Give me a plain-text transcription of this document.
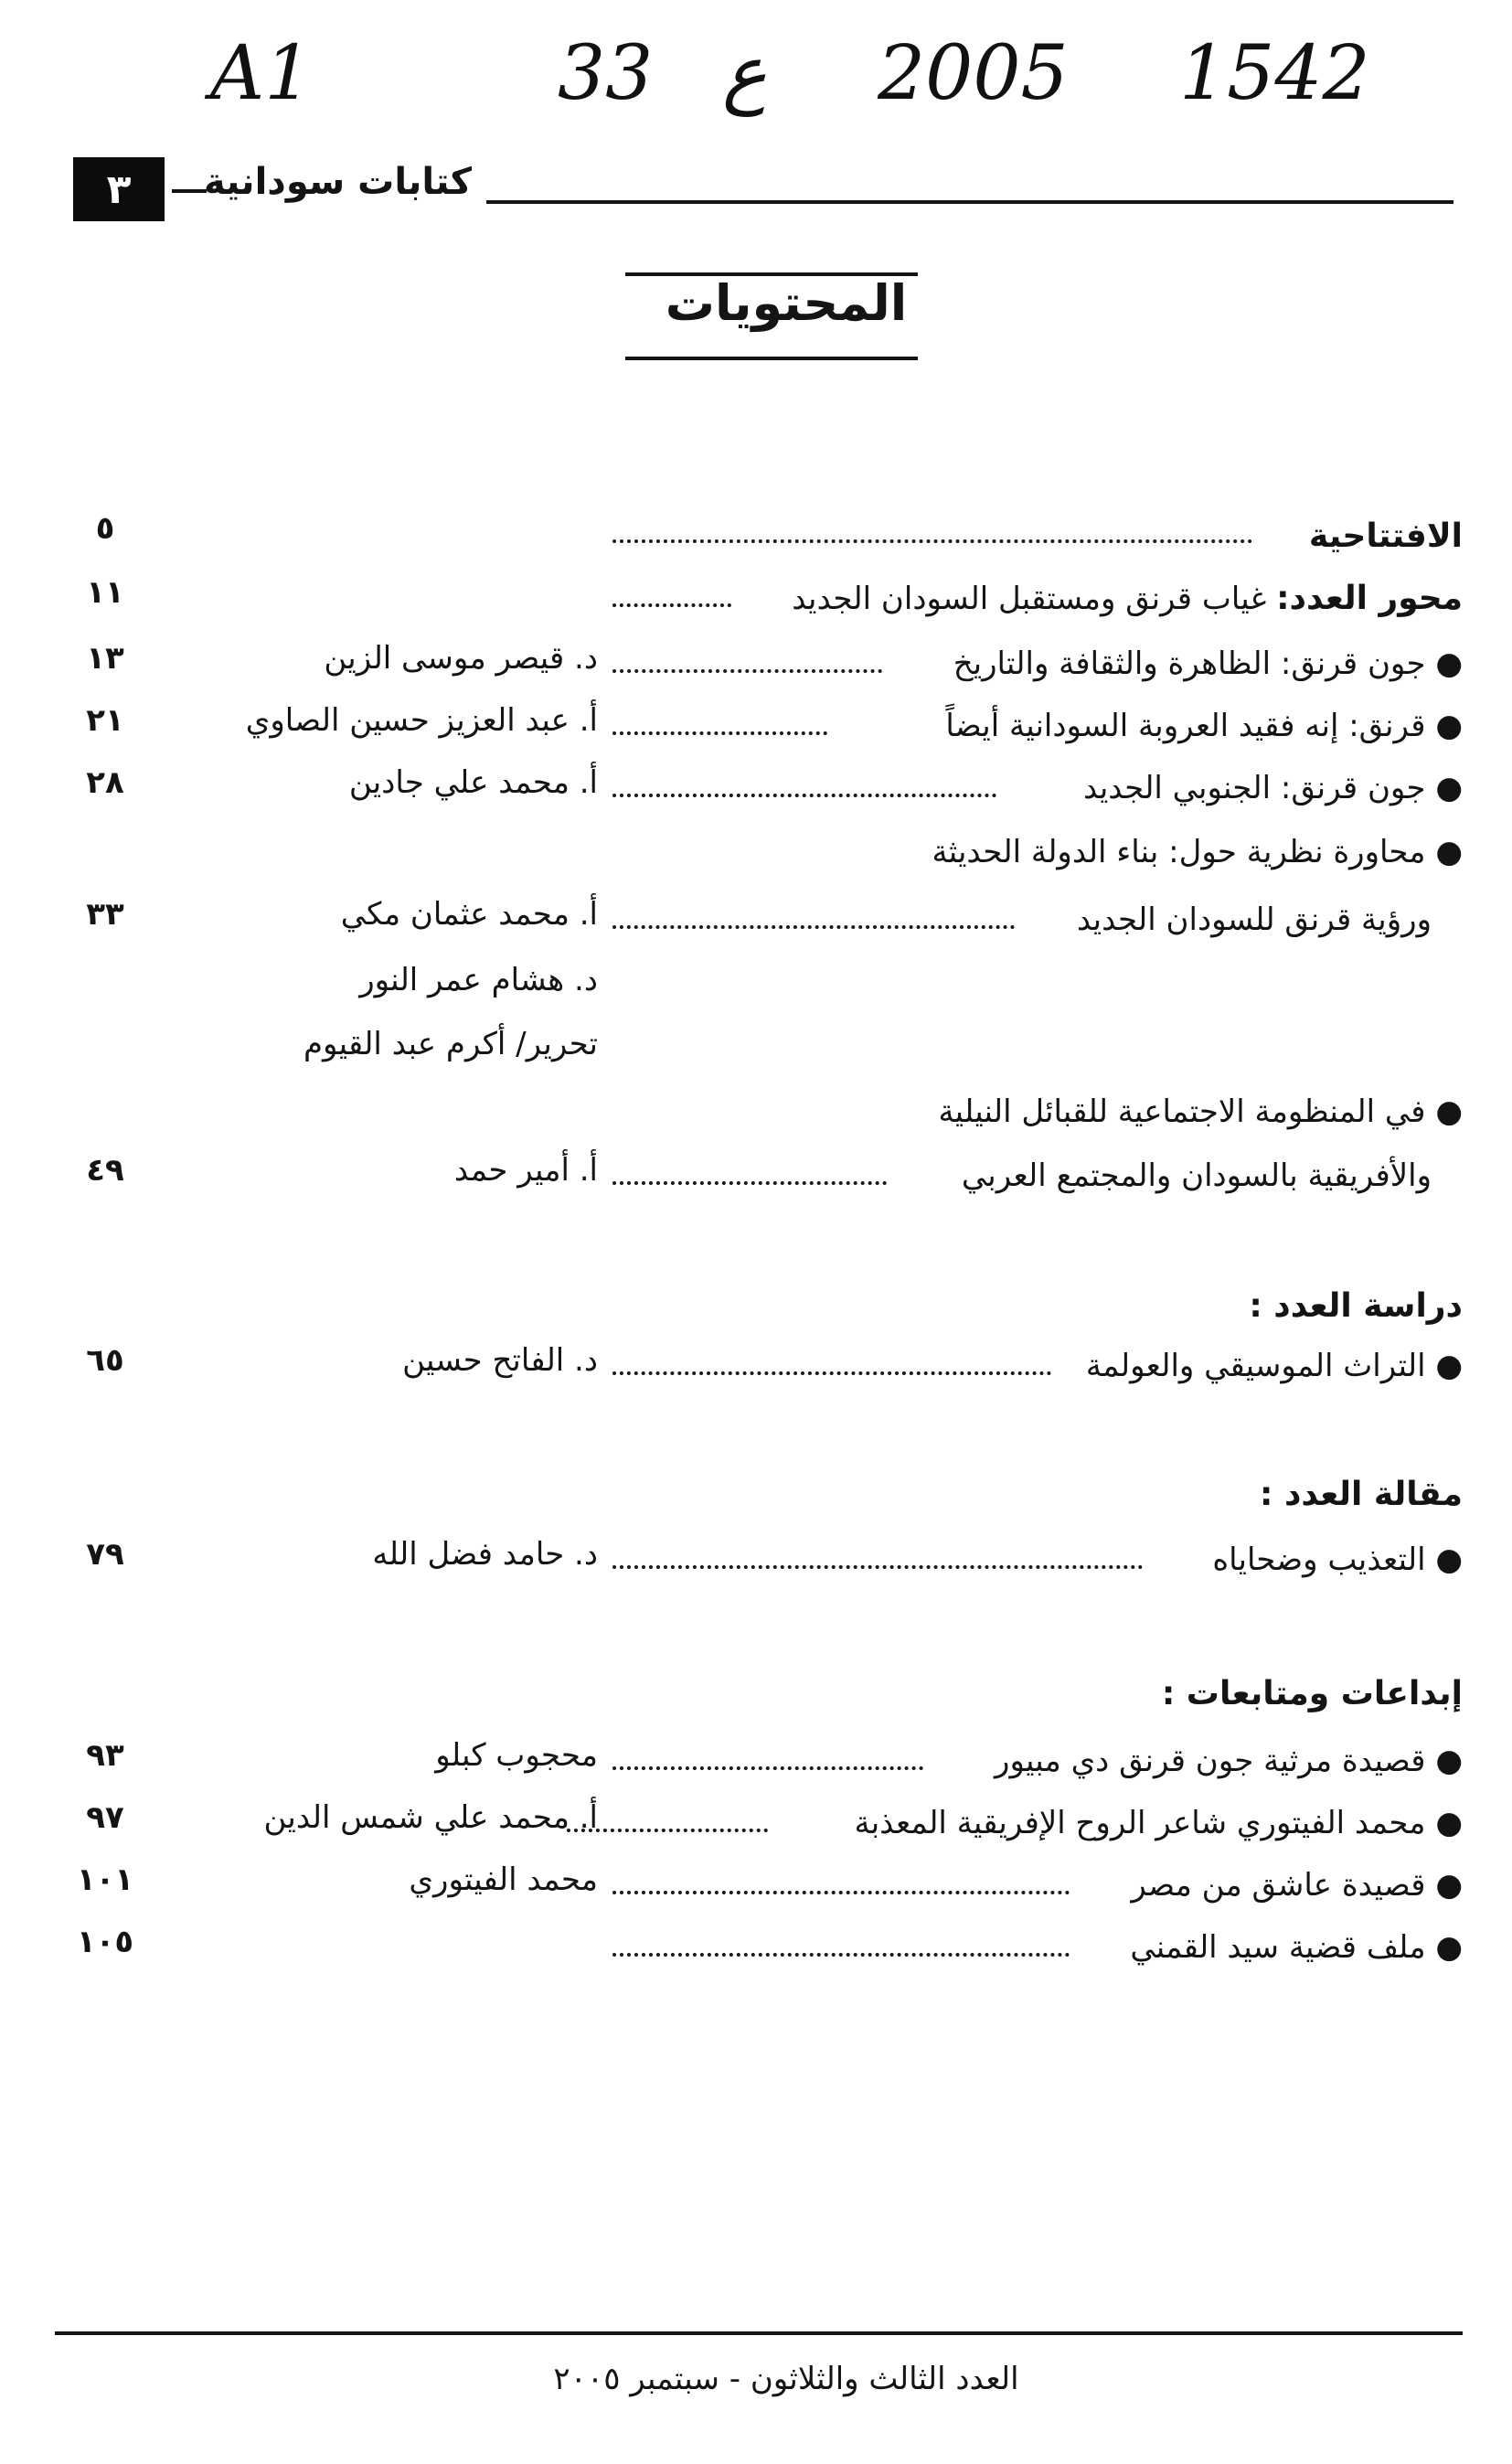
A1	33 ع 2005 1542
٣ كتابات سودانية
المحتويات
الافتتاحية
٥
محور العدد: غياب قرنق ومستقبل السودان الجديد
١١
● جون قرنق: الظاهرة والثقافة والتاريخ
د. قيصر موسى الزين
١٣
● قرنق: إنه فقيد العروبة السودانية أيضاً
أ. عبد العزيز حسين الصاوي
٢١
● جون قرنق: الجنوبي الجديد
أ. محمد علي جادين
٢٨
● محاورة نظرية حول: بناء الدولة الحديثة
ورؤية قرنق للسودان الجديد
أ. محمد عثمان مكي
د. هشام عمر النور
تحرير/ أكرم عبد القيوم
٣٣
● في المنظومة الاجتماعية للقبائل النيلية
والأفريقية بالسودان والمجتمع العربي
أ. أمير حمد
٤٩
دراسة العدد :
● التراث الموسيقي والعولمة
د. الفاتح حسين
٦٥
مقالة العدد :
● التعذيب وضحاياه
د. حامد فضل الله
٧٩
إبداعات ومتابعات :
● قصيدة مرثية جون قرنق دي مبيور
محجوب كبلو
٩٣
● محمد الفيتوري شاعر الروح الإفريقية المعذبة
أ. محمد علي شمس الدين
٩٧
● قصيدة عاشق من مصر
محمد الفيتوري
١٠١
● ملف قضية سيد القمني
١٠٥
العدد الثالث والثلاثون - سبتمبر ٢٠٠٥
